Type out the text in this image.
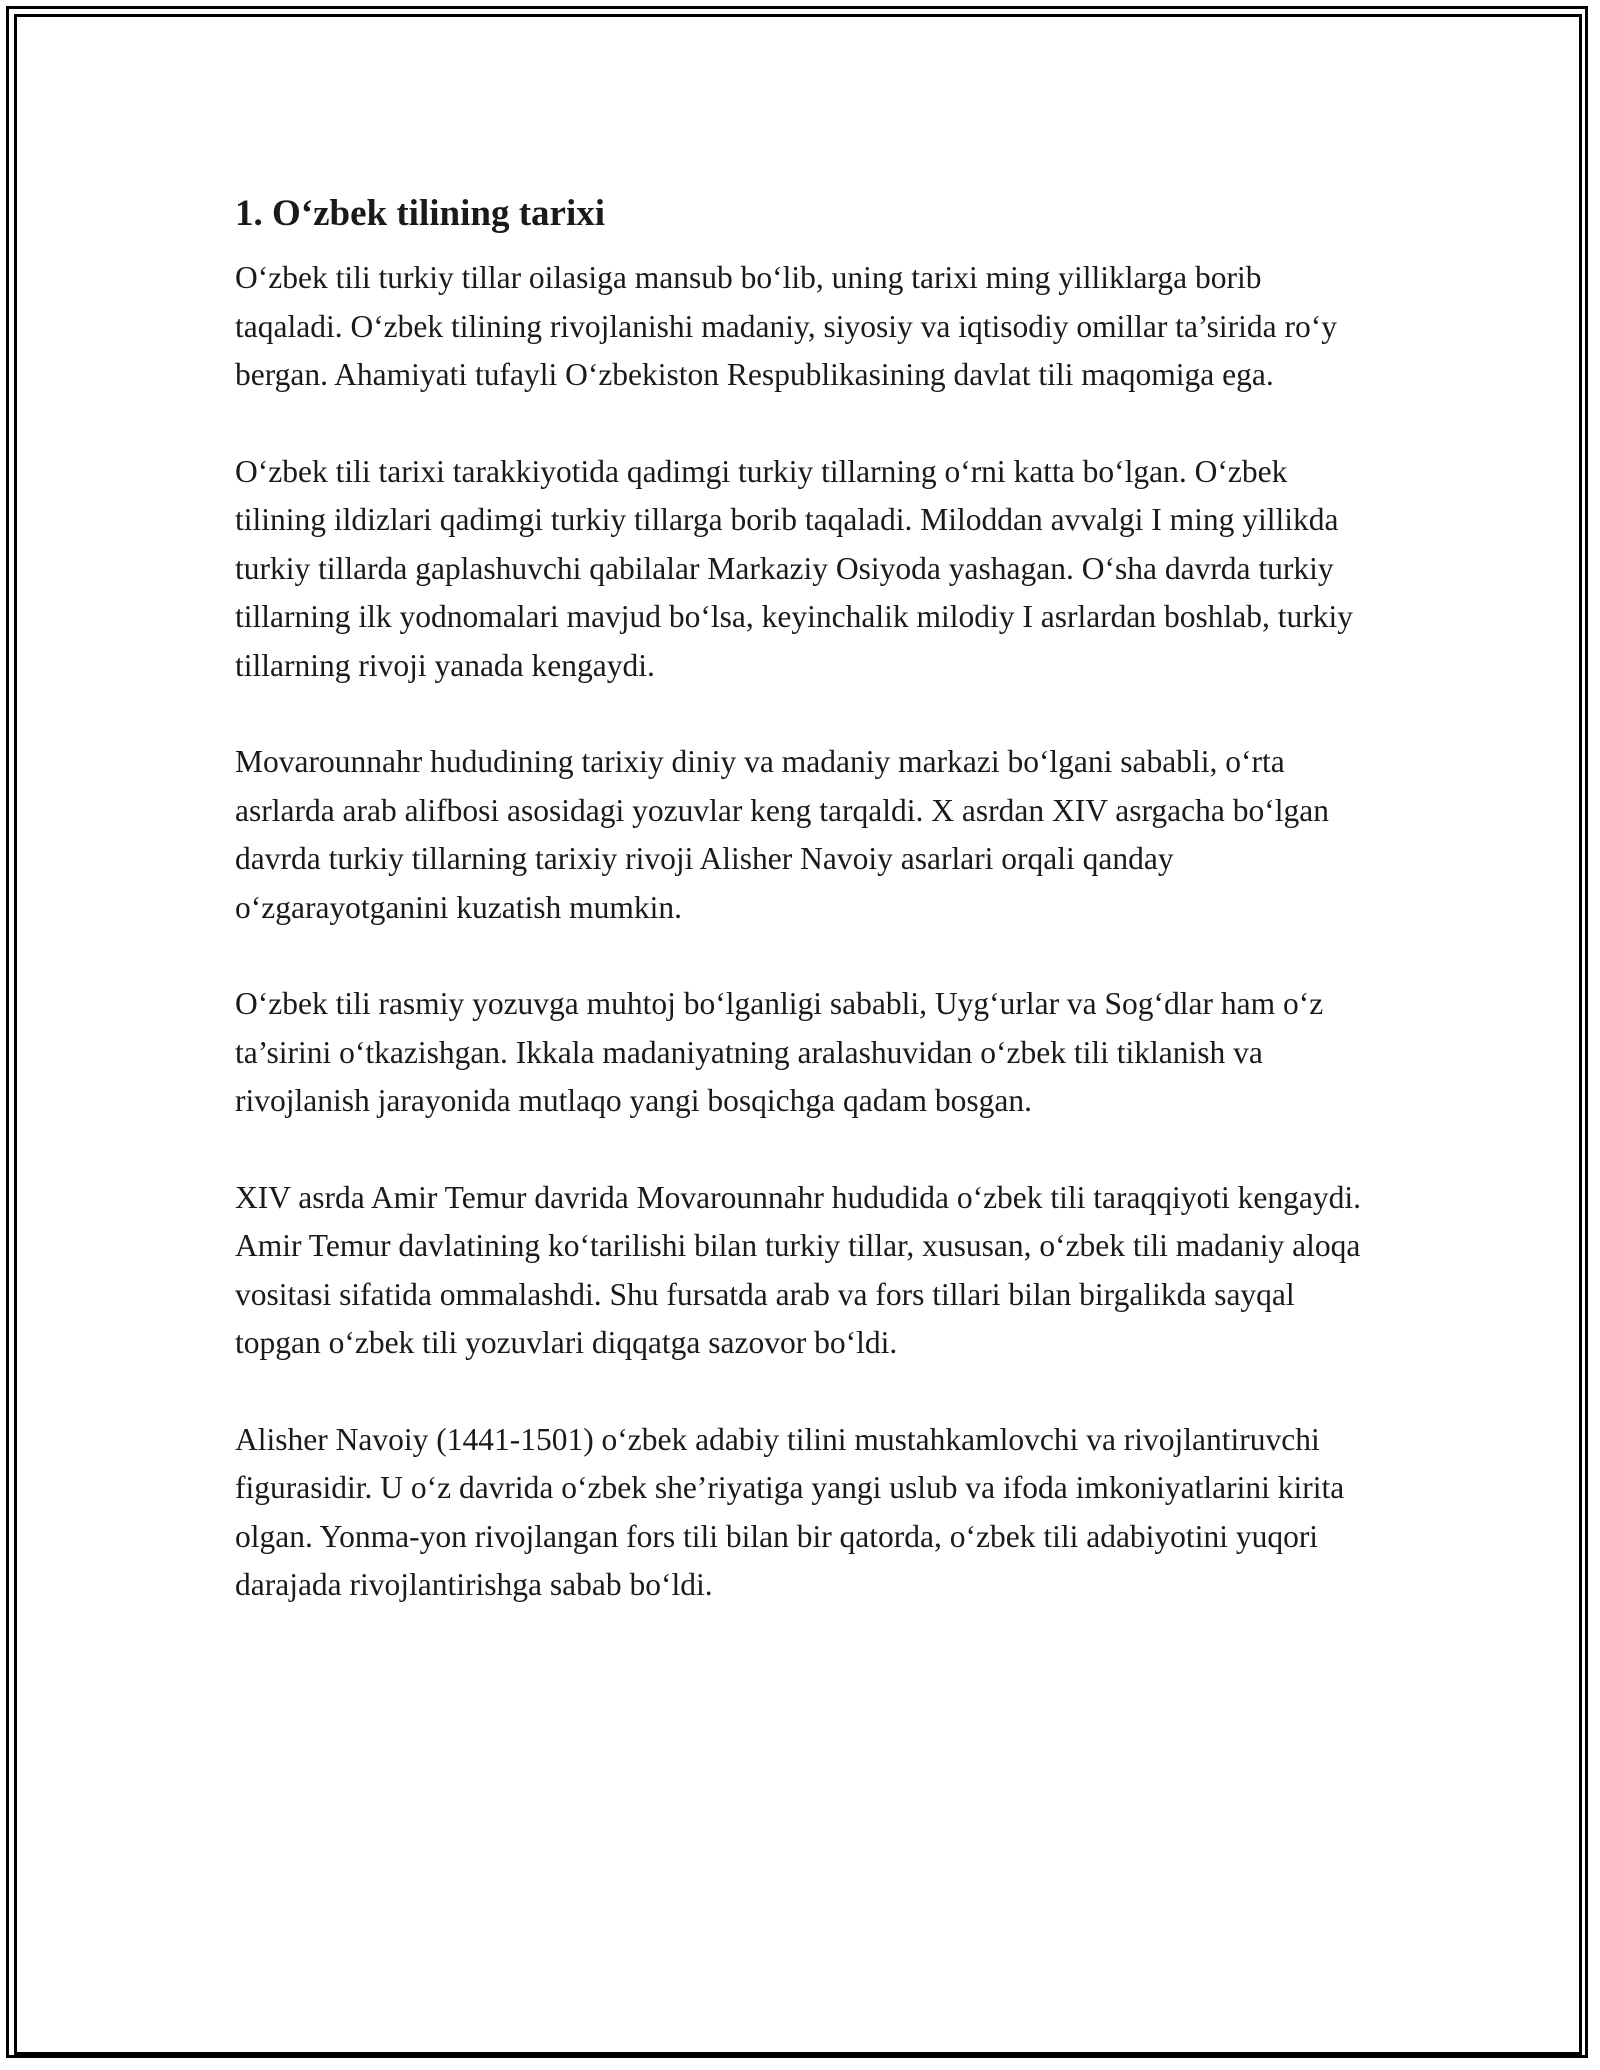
1. O‘zbek tilining tarixi

O‘zbek tili turkiy tillar oilasiga mansub bo‘lib, uning tarixi ming yilliklarga borib taqaladi. O‘zbek tilining rivojlanishi madaniy, siyosiy va iqtisodiy omillar ta’sirida ro‘y bergan. Ahamiyati tufayli O‘zbekiston Respublikasining davlat tili maqomiga ega.

O‘zbek tili tarixi tarakkiyotida qadimgi turkiy tillarning o‘rni katta bo‘lgan. O‘zbek tilining ildizlari qadimgi turkiy tillarga borib taqaladi. Miloddan avvalgi I ming yillikda turkiy tillarda gaplashuvchi qabilalar Markaziy Osiyoda yashagan. O‘sha davrda turkiy tillarning ilk yodnomalari mavjud bo‘lsa, keyinchalik milodiy I asrlardan boshlab, turkiy tillarning rivoji yanada kengaydi.

Movarounnahr hududining tarixiy diniy va madaniy markazi bo‘lgani sababli, o‘rta asrlarda arab alifbosi asosidagi yozuvlar keng tarqaldi. X asrdan XIV asrgacha bo‘lgan davrda turkiy tillarning tarixiy rivoji Alisher Navoiy asarlari orqali qanday o‘zgarayotganini kuzatish mumkin.

O‘zbek tili rasmiy yozuvga muhtoj bo‘lganligi sababli, Uyg‘urlar va Sog‘dlar ham o‘z ta’sirini o‘tkazishgan. Ikkala madaniyatning aralashuvidan o‘zbek tili tiklanish va rivojlanish jarayonida mutlaqo yangi bosqichga qadam bosgan.

XIV asrda Amir Temur davrida Movarounnahr hududida o‘zbek tili taraqqiyoti kengaydi. Amir Temur davlatining ko‘tarilishi bilan turkiy tillar, xususan, o‘zbek tili madaniy aloqa vositasi sifatida ommalashdi. Shu fursatda arab va fors tillari bilan birgalikda sayqal topgan o‘zbek tili yozuvlari diqqatga sazovor bo‘ldi.

Alisher Navoiy (1441-1501) o‘zbek adabiy tilini mustahkamlovchi va rivojlantiruvchi figurasidir. U o‘z davrida o‘zbek she’riyatiga yangi uslub va ifoda imkoniyatlarini kirita olgan. Yonma-yon rivojlangan fors tili bilan bir qatorda, o‘zbek tili adabiyotini yuqori darajada rivojlantirishga sabab bo‘ldi.
